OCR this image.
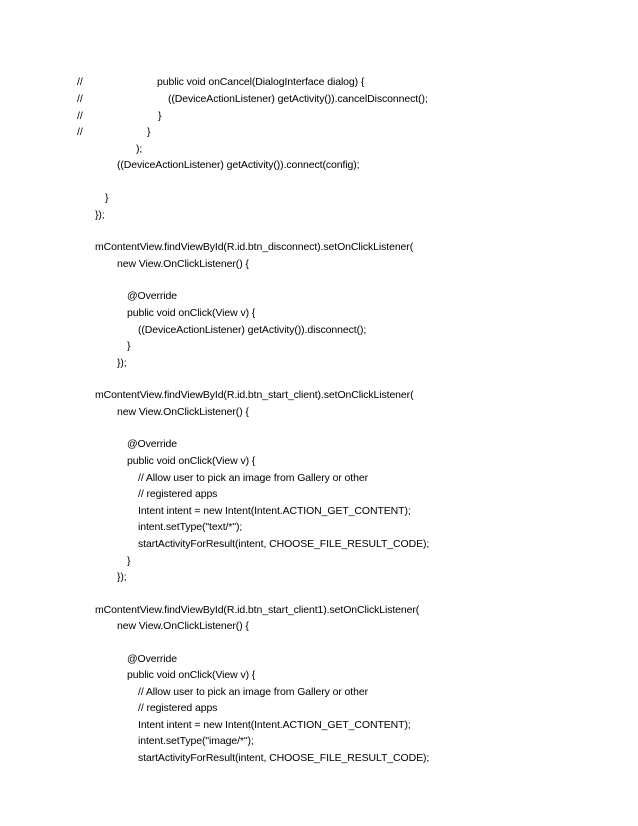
//	public void onCancel(DialogInterface dialog) {
//	((DeviceActionListener) getActivity()).cancelDisconnect();
//	}
//	}
);
((DeviceActionListener) getActivity()).connect(config);
}
});
mContentView.findViewById(R.id.btn_disconnect).setOnClickListener(
new View.OnClickListener() {
@Override
public void onClick(View v) {
((DeviceActionListener) getActivity()).disconnect();
}
});
mContentView.findViewById(R.id.btn_start_client).setOnClickListener(
new View.OnClickListener() {
@Override
public void onClick(View v) {
// Allow user to pick an image from Gallery or other
// registered apps
Intent intent = new Intent(Intent.ACTION_GET_CONTENT);
intent.setType("text/*");
startActivityForResult(intent, CHOOSE_FILE_RESULT_CODE);
}
});
mContentView.findViewById(R.id.btn_start_client1).setOnClickListener(
new View.OnClickListener() {
@Override
public void onClick(View v) {
// Allow user to pick an image from Gallery or other
// registered apps
Intent intent = new Intent(Intent.ACTION_GET_CONTENT);
intent.setType("image/*");
startActivityForResult(intent, CHOOSE_FILE_RESULT_CODE);
